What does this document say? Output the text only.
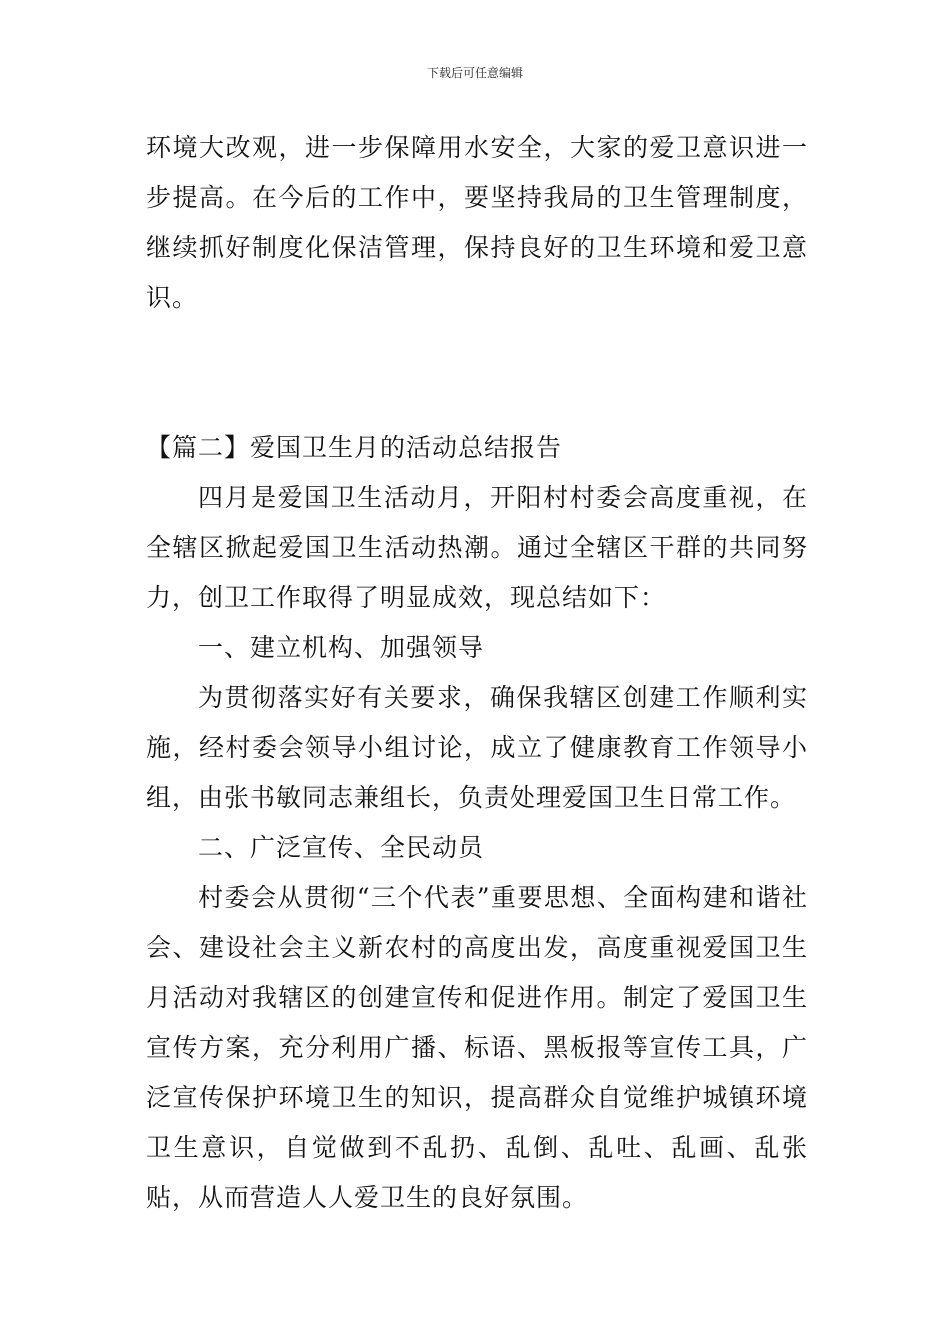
下载后可任意编辑

环境大改观，进一步保障用水安全，大家的爱卫意识进一步提高。在今后的工作中，要坚持我局的卫生管理制度，继续抓好制度化保洁管理，保持良好的卫生环境和爱卫意识。

【篇二】爱国卫生月的活动总结报告

四月是爱国卫生活动月，开阳村村委会高度重视，在全辖区掀起爱国卫生活动热潮。通过全辖区干群的共同努力，创卫工作取得了明显成效，现总结如下：

一、建立机构、加强领导

为贯彻落实好有关要求，确保我辖区创建工作顺利实施，经村委会领导小组讨论，成立了健康教育工作领导小组，由张书敏同志兼组长，负责处理爱国卫生日常工作。

二、广泛宣传、全民动员

村委会从贯彻“三个代表”重要思想、全面构建和谐社会、建设社会主义新农村的高度出发，高度重视爱国卫生月活动对我辖区的创建宣传和促进作用。制定了爱国卫生宣传方案，充分利用广播、标语、黑板报等宣传工具，广泛宣传保护环境卫生的知识，提高群众自觉维护城镇环境卫生意识，自觉做到不乱扔、乱倒、乱吐、乱画、乱张贴，从而营造人人爱卫生的良好氛围。
